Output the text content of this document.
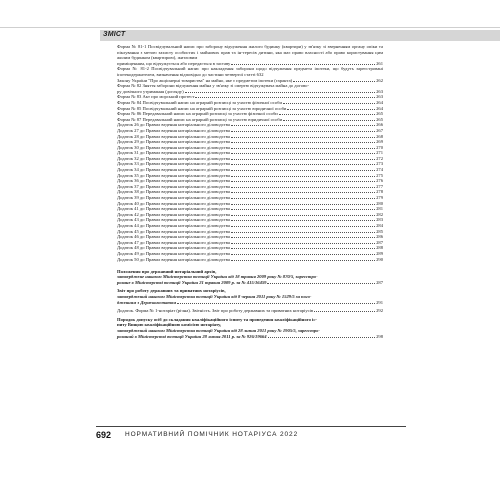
ЗМІСТ
Форма № 81-1 Посвідчувальний напис про заборону відчуження жилого будинку (квартири) у зв'язку зі зверненням органу опіки та піклування з метою захисту особистих і майнових прав та ін-тересів дитини, яка має право власності або право користування цим жилим будинком (квартирою), житловим
приміщенням, що відчужується або передається в заставу	261
Форма № 81-2 Посвідчувальний напис про накладення заборони щодо відчуження предмета іпотеки, що будуть зареєстровані іпотекодержателем, визначення відповідно до частини четвертої статті 632
Закону України "Про акціонерні товариства" на майно, яке є предметом іпотеки (гаранта)	262
Форма № 82 Зняття заборони відчуження майна у зв'язку зі смертю відчужувача майна до догово-
ру довічного утримання (догляду)	263
Форма № 83 Акт про морський протест	263
Форма № 84 Посвідчувальний напис на аграрній розписці за участю фізичної особи	264
Форма № 85 Посвідчувальний напис на аграрній розписці за участю юридичної особи	264
Форма № 86 Передавальний напис на аграрній розписці за участю фізичної особи	265
Форма № 87 Передавальний напис на аграрній розписці за участю юридичної особи	265
Додаток 26 до Правил ведення нотаріального діловодства	266
Додаток 27 до Правил ведення нотаріального діловодства	267
Додаток 28 до Правил ведення нотаріального діловодства	268
Додаток 29 до Правил ведення нотаріального діловодства	269
Додаток 30 до Правил ведення нотаріального діловодства	270
Додаток 31 до Правил ведення нотаріального діловодства	271
Додаток 32 до Правил ведення нотаріального діловодства	272
Додаток 33 до Правил ведення нотаріального діловодства	273
Додаток 34 до Правил ведення нотаріального діловодства	274
Додаток 35 до Правил ведення нотаріального діловодства	275
Додаток 36 до Правил ведення нотаріального діловодства	276
Додаток 37 до Правил ведення нотаріального діловодства	277
Додаток 38 до Правил ведення нотаріального діловодства	278
Додаток 39 до Правил ведення нотаріального діловодства	279
Додаток 40 до Правил ведення нотаріального діловодства	280
Додаток 41 до Правил ведення нотаріального діловодства	281
Додаток 42 до Правил ведення нотаріального діловодства	282
Додаток 43 до Правил ведення нотаріального діловодства	283
Додаток 44 до Правил ведення нотаріального діловодства	284
Додаток 45 до Правил ведення нотаріального діловодства	285
Додаток 46 до Правил ведення нотаріального діловодства	286
Додаток 47 до Правил ведення нотаріального діловодства	287
Додаток 48 до Правил ведення нотаріального діловодства	288
Додаток 49 до Правил ведення нотаріального діловодства	289
Додаток 50 до Правил ведення нотаріального діловодства	290
Положення про державний нотаріальний архів,
затверджене наказом Міністерства юстиції України від 18 травня 2009 року № 870/5, зареєстро-
роване в Міністерстві юстиції України 21 травня 2009 р. за № 415/16459	287
Звіт про роботу державних та приватних нотаріусів,
затверджений наказом Міністерства юстиції України від 8 червня 2011 року № 1529/5 за пого-
дженням з Держкомстатом	291
Додаток. Форма № 1-нотаріат (річна). Звітність. Звіт про роботу державних та приватних нотаріусів	292
Порядок допуску осіб до складання кваліфікаційного іспиту та проведення кваліфікаційного іс-
питу Вищою кваліфікаційною комісією нотаріату,
затверджений наказом Міністерства юстиції України від 28 липня 2011 року № 1905/5, зареєстро-
рований в Міністерстві юстиції України 28 липня 2011 р. за № 926/19664	298
692 НОРМАТИВНИЙ ПОМІЧНИК НОТАРІУСА 2022
